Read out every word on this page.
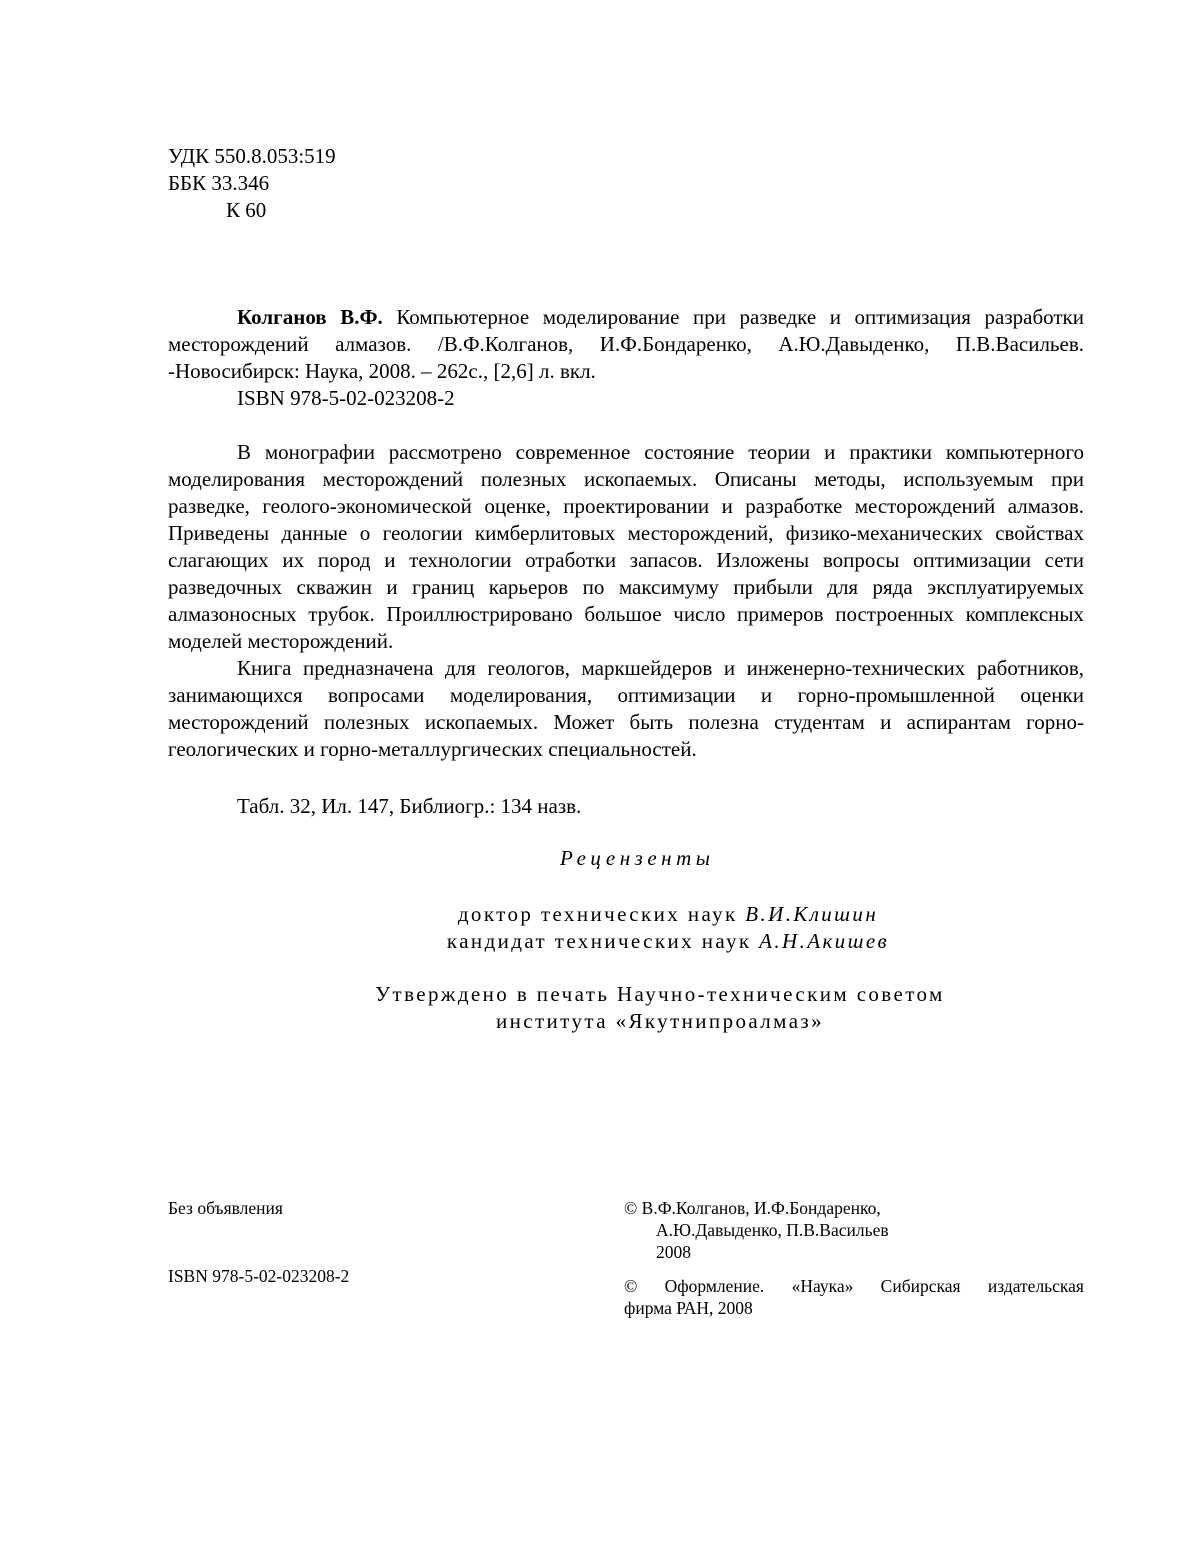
УДК 550.8.053:519
ББК 33.346
К 60

Колганов В.Ф. Компьютерное моделирование при разведке и оптимизация разработки месторождений алмазов. /В.Ф.Колганов, И.Ф.Бондаренко, А.Ю.Давыденко, П.В.Васильев. -Новосибирск: Наука, 2008. – 262с., [2,6] л. вкл.

ISBN 978-5-02-023208-2

В монографии рассмотрено современное состояние теории и практики компьютерного моделирования месторождений полезных ископаемых. Описаны методы, используемым при разведке, геолого-экономической оценке, проектировании и разработке месторождений алмазов. Приведены данные о геологии кимберлитовых месторождений, физико-механических свойствах слагающих их пород и технологии отработки запасов. Изложены вопросы оптимизации сети разведочных скважин и границ карьеров по максимуму прибыли для ряда эксплуатируемых алмазоносных трубок. Проиллюстрировано большое число примеров построенных комплексных моделей месторождений.

Книга предназначена для геологов, маркшейдеров и инженерно-технических работников, занимающихся вопросами моделирования, оптимизации и горно-промышленной оценки месторождений полезных ископаемых. Может быть полезна студентам и аспирантам горно-геологических и горно-металлургических специальностей.

Табл. 32, Ил. 147, Библиогр.: 134 назв.
Рецензенты
доктор технических наук В.И.Клишин
кандидат технических наук А.Н.Акишев
Утверждено в печать Научно-техническим советом
института «Якутнипроалмаз»
Без объявления
ISBN 978-5-02-023208-2
© В.Ф.Колганов, И.Ф.Бондаренко,
А.Ю.Давыденко, П.В.Васильев
2008
© Оформление. «Наука» Сибирская издательская
фирма РАН, 2008
